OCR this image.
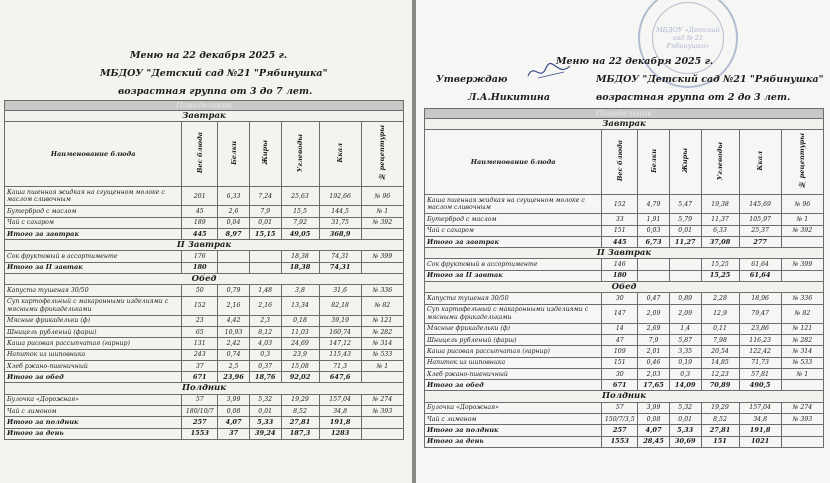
Меню на 22 декабря 2025 г.
МБДОУ "Детский сад №21 "Рябинушка"
возрастная группа от 3 до 7 лет.
Понедельник						
Завтрак						
Наименование блюда	Вес блюда	Белки	Жиры	Углеводы	Ккал	№ рецептуры
Каша пшенная жидкая на сгущенном молоке с маслом сливочным	201	6,33	7,24	25,63	192,66	№ 96
Бутерброд с маслом	45	2,6	7,9	15,5	144,5	№ 1
Чай с сахаром	189	0,04	0,01	7,92	31,75	№ 392
Итого за завтрак	445	8,97	15,15	49,05	368,9	
II Завтрак						
Сок фруктовый в ассортименте	176			18,38	74,31	№ 399
Итого за II завтак	180			18,38	74,31	
Обед						
Капуста тушеная 30/50	50	0,79	1,48	3,8	31,6	№ 336
Суп картофельный с макаронными изделиями с мясными фрикадельками	152	2,16	2,16	13,34	82,18	№ 82
Мясные фрикадельки (ф)	23	4,42	2,3	0,18	39,19	№ 121
Шницель рубленый (фарш)	65	10,93	8,12	11,03	160,74	№ 282
Каша рисовая рассыпчатая (гарнир)	131	2,42	4,03	24,69	147,12	№ 314
Напиток из шиповника	243	0,74	0,3	23,9	115,43	№ 533
Хлеб ржано-пшеничный	37	2,5	0,37	15,08	71,3	№ 1
Итого за обед	671	23,96	18,76	92,02	647,6	
Полдник						
Булочка «Дорожная»	57	3,99	5,32	19,29	157,04	№ 274
Чай с лимоном	180/10/7	0,08	0,01	8,52	34,8	№ 393
Итого за полдник	257	4,07	5,33	27,81	191,8	
Итого за день	1553	37	39,24	187,3	1283	
МБДОУ «Детский сад № 21 Рябинушка»
Меню на 22 декабря 2025 г.
Утверждаю	МБДОУ "Детский сад №21 "Рябинушка"
Л.А.Никитина	возрастная группа от 2 до 3 лет.
Понедельник						
Завтрак						
Наименование блюда	Вес блюда	Белки	Жиры	Углеводы	Ккал	№ рецептуры
Каша пшенная жидкая на сгущенном молоке с маслом сливочным	152	4,79	5,47	19,38	145,69	№ 96
Бутерброд с маслом	33	1,91	5,79	11,37	105,97	№ 1
Чай с сахаром	151	0,03	0,01	6,33	25,37	№ 392
Итого за завтрак	445	6,73	11,27	37,08	277	
II Завтрак						
Сок фруктовый в ассортименте	146			15,25	61,64	№ 399
Итого за II завтак	180			15,25	61,64	
Обед						
Капуста тушеная 30/50	30	0,47	0,89	2,28	18,96	№ 336
Суп картофельный с макаронными изделиями с мясными фрикадельками	147	2,09	2,09	12,9	79,47	№ 82
Мясные фрикадельки (ф)	14	2,69	1,4	0,11	23,86	№ 121
Шницель рубленый (фарш)	47	7,9	5,87	7,98	116,23	№ 282
Каша рисовая рассыпчатая (гарнир)	109	2,01	3,35	20,54	122,42	№ 314
Напиток из шиповника	151	0,46	0,19	14,85	71,73	№ 533
Хлеб ржано-пшеничный	30	2,03	0,3	12,23	57,81	№ 1
Итого за обед	671	17,65	14,09	70,89	490,5	
Полдник						
Булочка «Дорожная»	57	3,99	5,32	19,29	157,04	№ 274
Чай с лимоном	150/7/3,5	0,08	0,01	8,52	34,8	№ 393
Итого за полдник	257	4,07	5,33	27,81	191,8	
Итого за день	1553	28,45	30,69	151	1021	
